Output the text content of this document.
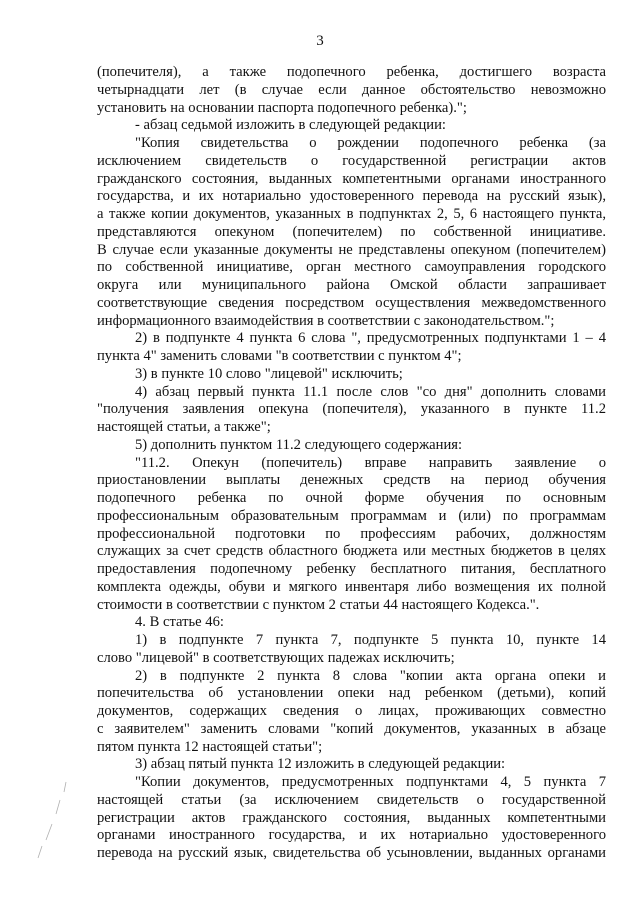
3
(попечителя), а также подопечного ребенка, достигшего возраста
четырнадцати лет (в случае если данное обстоятельство невозможно
установить на основании паспорта подопечного ребенка).";
- абзац седьмой изложить в следующей редакции:
"Копия свидетельства о рождении подопечного ребенка (за
исключением свидетельств о государственной регистрации актов
гражданского состояния, выданных компетентными органами иностранного
государства, и их нотариально удостоверенного перевода на русский язык),
а также копии документов, указанных в подпунктах 2, 5, 6 настоящего пункта,
представляются опекуном (попечителем) по собственной инициативе.
В случае если указанные документы не представлены опекуном (попечителем)
по собственной инициативе, орган местного самоуправления городского
округа или муниципального района Омской области запрашивает
соответствующие сведения посредством осуществления межведомственного
информационного взаимодействия в соответствии с законодательством.";
2) в подпункте 4 пункта 6 слова ", предусмотренных подпунктами 1 – 4
пункта 4" заменить словами "в соответствии с пунктом 4";
3) в пункте 10 слово "лицевой" исключить;
4) абзац первый пункта 11.1 после слов "со дня" дополнить словами
"получения заявления опекуна (попечителя), указанного в пункте 11.2
настоящей статьи, а также";
5) дополнить пунктом 11.2 следующего содержания:
"11.2. Опекун (попечитель) вправе направить заявление о
приостановлении выплаты денежных средств на период обучения
подопечного ребенка по очной форме обучения по основным
профессиональным образовательным программам и (или) по программам
профессиональной подготовки по профессиям рабочих, должностям
служащих за счет средств областного бюджета или местных бюджетов в целях
предоставления подопечному ребенку бесплатного питания, бесплатного
комплекта одежды, обуви и мягкого инвентаря либо возмещения их полной
стоимости в соответствии с пунктом 2 статьи 44 настоящего Кодекса.".
4. В статье 46:
1) в подпункте 7 пункта 7, подпункте 5 пункта 10, пункте 14
слово "лицевой" в соответствующих падежах исключить;
2) в подпункте 2 пункта 8 слова "копии акта органа опеки и
попечительства об установлении опеки над ребенком (детьми), копий
документов, содержащих сведения о лицах, проживающих совместно
с заявителем" заменить словами "копий документов, указанных в абзаце
пятом пункта 12 настоящей статьи";
3) абзац пятый пункта 12 изложить в следующей редакции:
"Копии документов, предусмотренных подпунктами 4, 5 пункта 7
настоящей статьи (за исключением свидетельств о государственной
регистрации актов гражданского состояния, выданных компетентными
органами иностранного государства, и их нотариально удостоверенного
перевода на русский язык, свидетельства об усыновлении, выданных органами
